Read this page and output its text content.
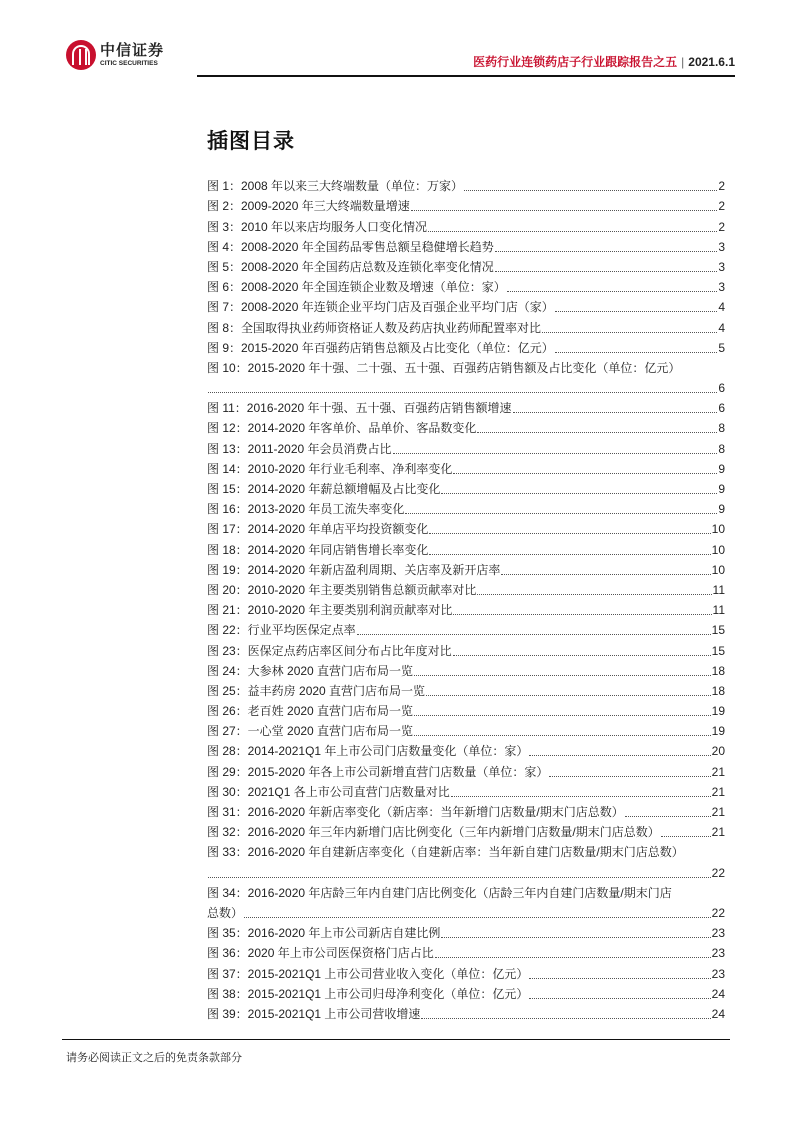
中信证券
CITIC SECURITIES	医药行业连锁药店子行业跟踪报告之五 | 2021.6.1
插图目录
图 1：2008 年以来三大终端数量（单位：万家）	2
图 2：2009-2020 年三大终端数量增速	2
图 3：2010 年以来店均服务人口变化情况	2
图 4：2008-2020 年全国药品零售总额呈稳健增长趋势	3
图 5：2008-2020 年全国药店总数及连锁化率变化情况	3
图 6：2008-2020 年全国连锁企业数及增速（单位：家）	3
图 7：2008-2020 年连锁企业平均门店及百强企业平均门店（家）	4
图 8：全国取得执业药师资格证人数及药店执业药师配置率对比	4
图 9：2015-2020 年百强药店销售总额及占比变化（单位：亿元）	5
图 10：2015-2020 年十强、二十强、五十强、百强药店销售额及占比变化（单位：亿元）
6
图 11：2016-2020 年十强、五十强、百强药店销售额增速	6
图 12：2014-2020 年客单价、品单价、客品数变化	8
图 13：2011-2020 年会员消费占比	8
图 14：2010-2020 年行业毛利率、净利率变化	9
图 15：2014-2020 年薪总额增幅及占比变化	9
图 16：2013-2020 年员工流失率变化	9
图 17：2014-2020 年单店平均投资额变化	10
图 18：2014-2020 年同店销售增长率变化	10
图 19：2014-2020 年新店盈利周期、关店率及新开店率	10
图 20：2010-2020 年主要类别销售总额贡献率对比	11
图 21：2010-2020 年主要类别利润贡献率对比	11
图 22：行业平均医保定点率	15
图 23：医保定点药店率区间分布占比年度对比	15
图 24：大参林 2020 直营门店布局一览	18
图 25：益丰药房 2020 直营门店布局一览	18
图 26：老百姓 2020 直营门店布局一览	19
图 27：一心堂 2020 直营门店布局一览	19
图 28：2014-2021Q1 年上市公司门店数量变化（单位：家）	20
图 29：2015-2020 年各上市公司新增直营门店数量（单位：家）	21
图 30：2021Q1 各上市公司直营门店数量对比	21
图 31：2016-2020 年新店率变化（新店率：当年新增门店数量/期末门店总数）	21
图 32：2016-2020 年三年内新增门店比例变化（三年内新增门店数量/期末门店总数）	21
图 33：2016-2020 年自建新店率变化（自建新店率：当年新自建门店数量/期末门店总数）
22
图 34：2016-2020 年店龄三年内自建门店比例变化（店龄三年内自建门店数量/期末门店
总数）	22
图 35：2016-2020 年上市公司新店自建比例	23
图 36：2020 年上市公司医保资格门店占比	23
图 37：2015-2021Q1 上市公司营业收入变化（单位：亿元）	23
图 38：2015-2021Q1 上市公司归母净利变化（单位：亿元）	24
图 39：2015-2021Q1 上市公司营收增速	24
请务必阅读正文之后的免责条款部分
